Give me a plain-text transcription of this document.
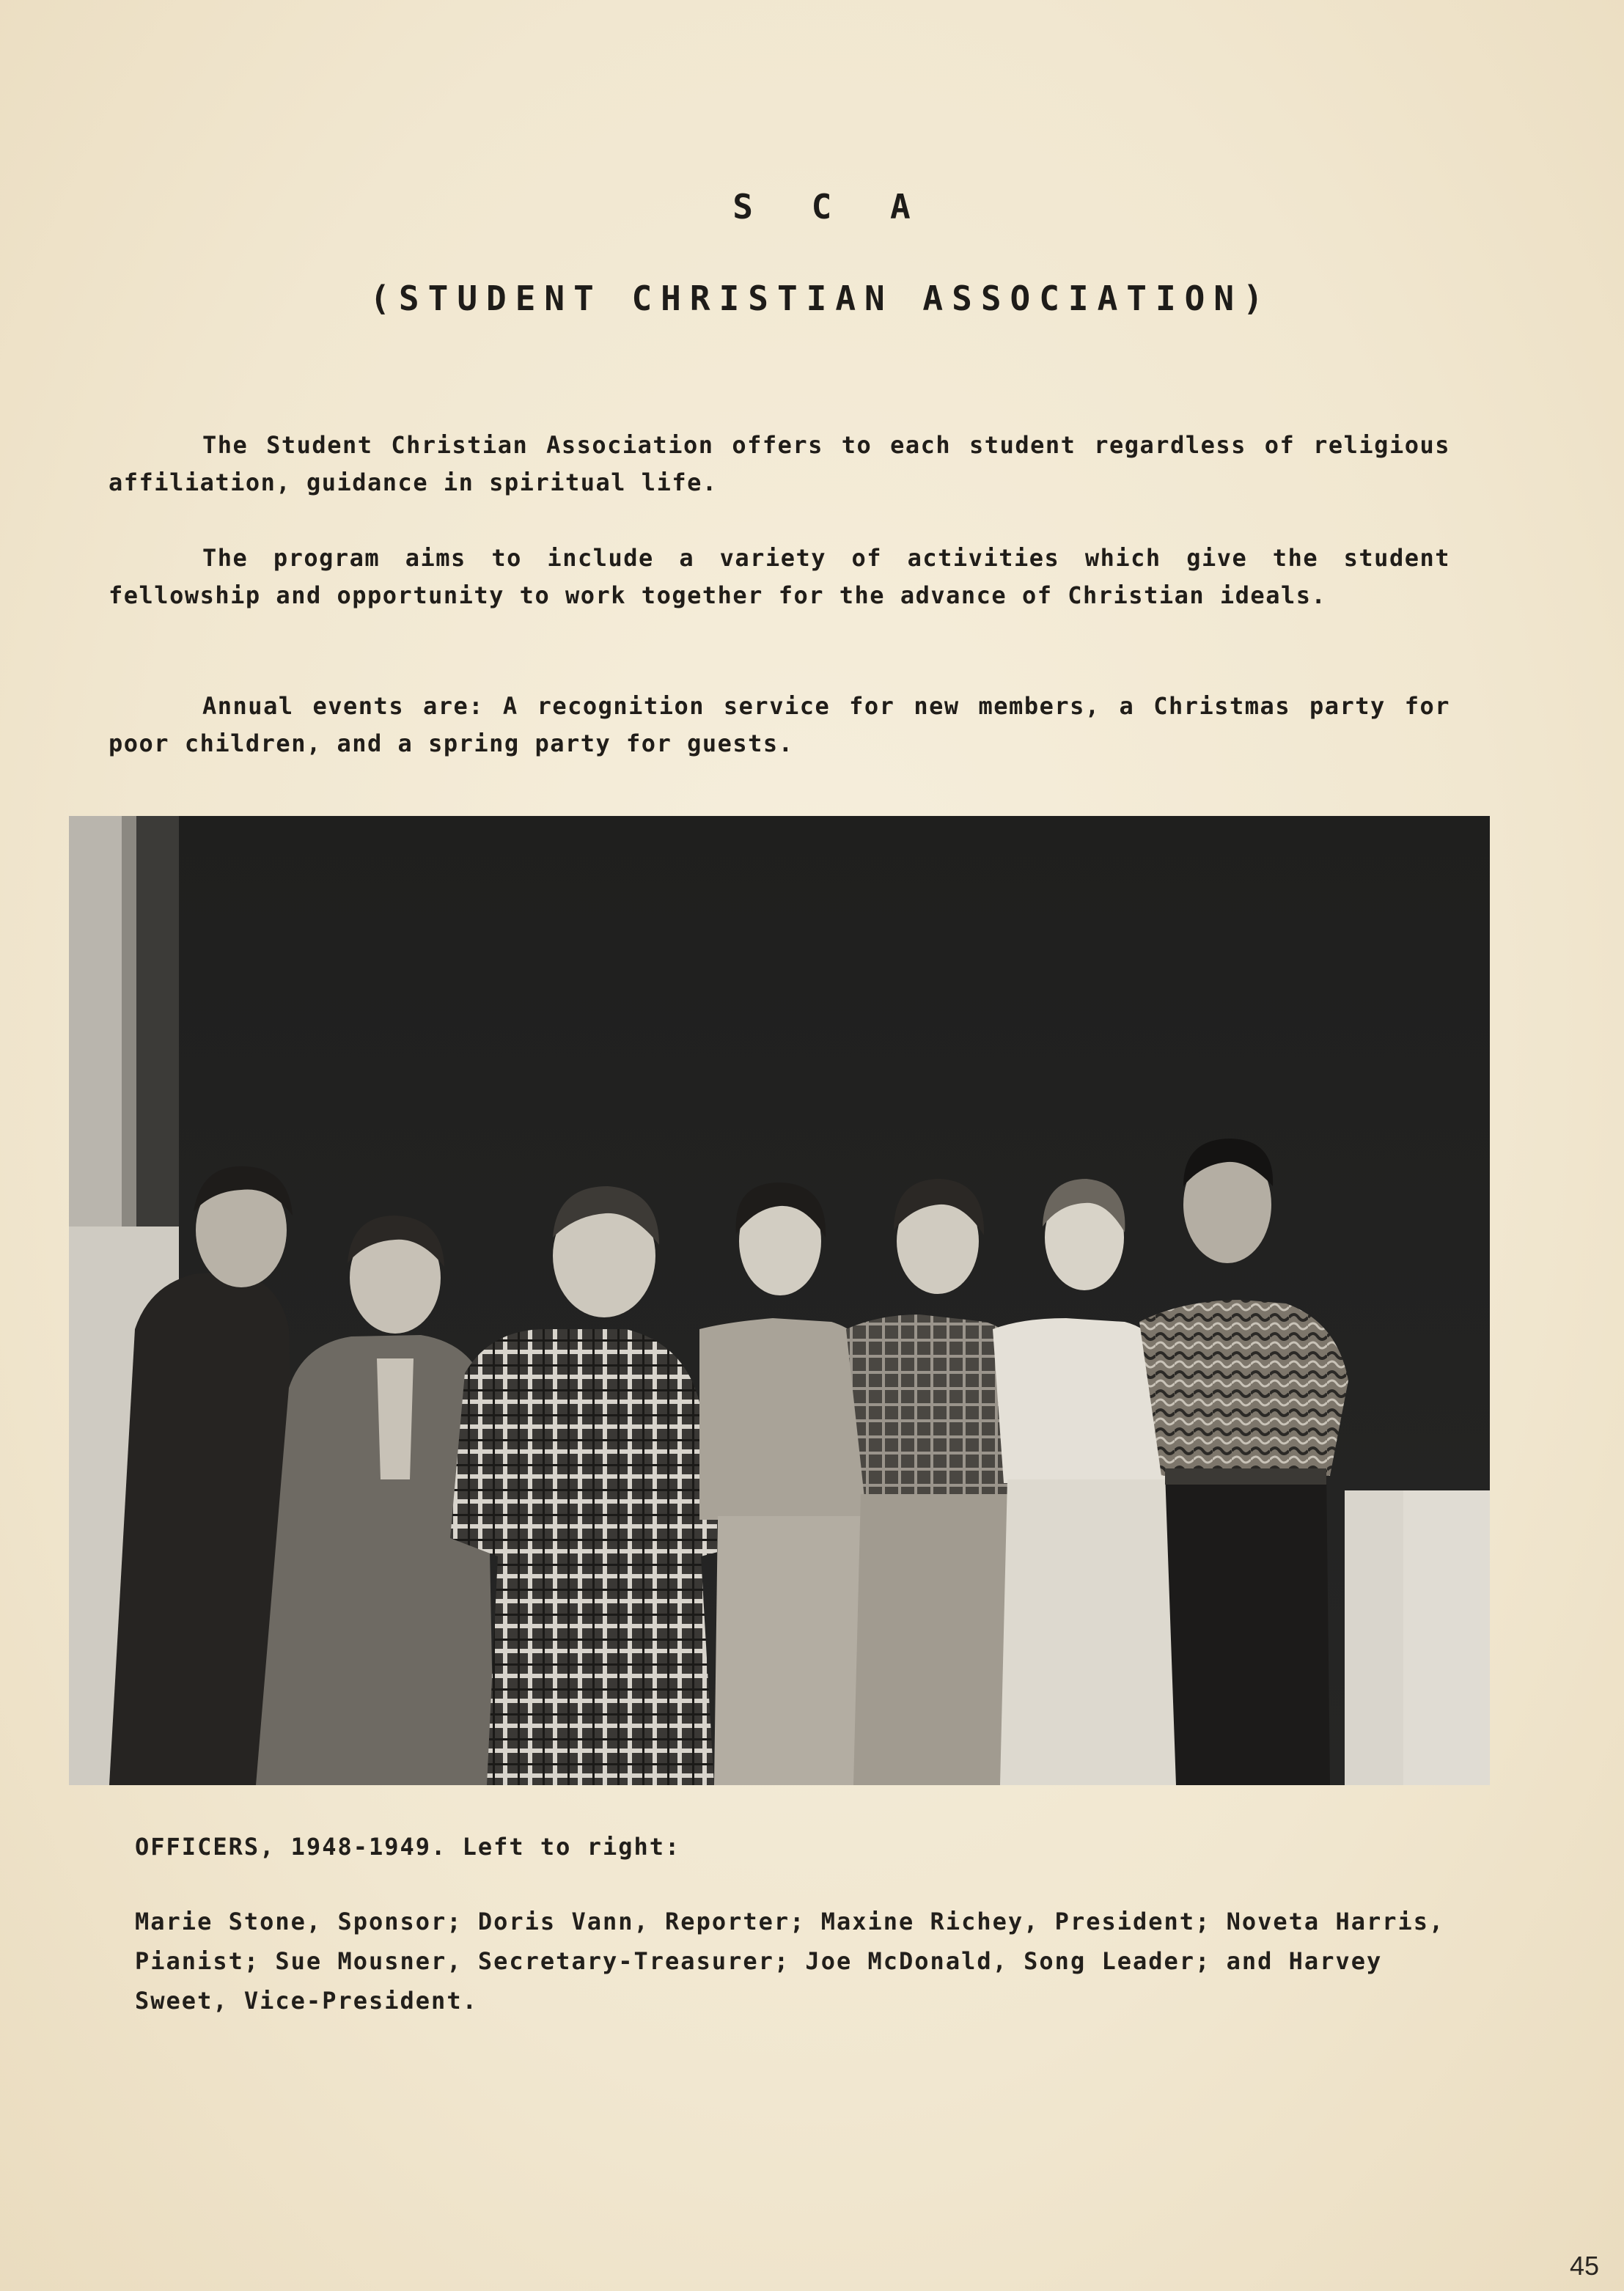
S C A
(STUDENT CHRISTIAN ASSOCIATION)

The Student Christian Association offers to each student regardless of religious affiliation, guidance in spiritual life.

The program aims to include a variety of activities which give the student fellowship and opportunity to work together for the advance of Christian ideals.

Annual events are: A recognition service for new members, a Christmas party for poor children, and a spring party for guests.

OFFICERS, 1948-1949. Left to right:

Marie Stone, Sponsor; Doris Vann, Reporter; Maxine Richey, President; Noveta Harris, Pianist; Sue Mousner, Secretary-Treasurer; Joe McDonald, Song Leader; and Harvey Sweet, Vice-President.

45
